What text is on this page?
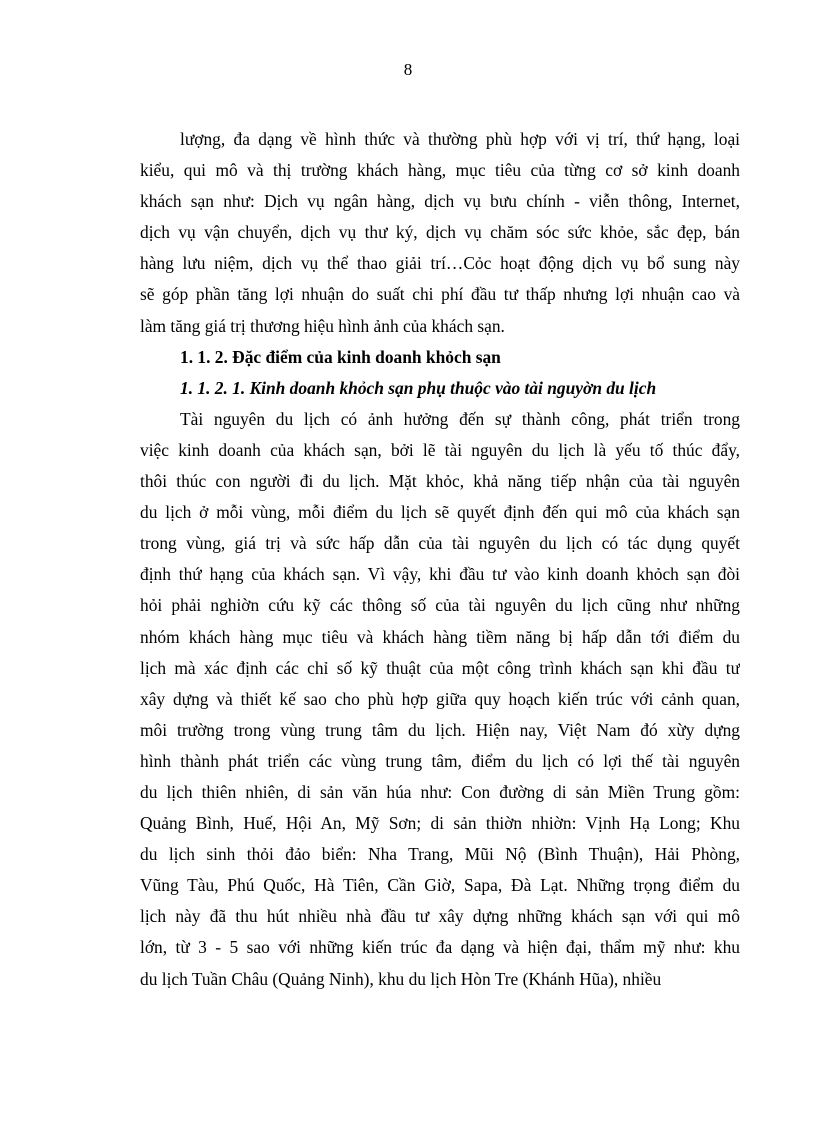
8
lượng, đa dạng về hình thức và thường phù hợp với vị trí, thứ hạng, loại
kiểu, qui mô và thị trường khách hàng, mục tiêu của từng cơ sở kinh doanh
khách sạn như: Dịch vụ ngân hàng, dịch vụ bưu chính - viễn thông, Internet,
dịch vụ vận chuyển, dịch vụ thư ký, dịch vụ chăm sóc sức khỏe, sắc đẹp, bán
hàng lưu niệm, dịch vụ thể thao giải trí…Cỏc hoạt động dịch vụ bổ sung này
sẽ góp phần tăng lợi nhuận do suất chi phí đầu tư thấp nhưng lợi nhuận cao và
làm tăng giá trị thương hiệu hình ảnh của khách sạn.
1. 1. 2. Đặc điểm của kinh doanh khỏch sạn
1. 1. 2. 1. Kinh doanh khỏch sạn phụ thuộc vào tài nguyờn du lịch
Tài nguyên du lịch có ảnh hưởng đến sự thành công, phát triển trong
việc kinh doanh của khách sạn, bởi lẽ tài nguyên du lịch là yếu tố thúc đẩy,
thôi thúc con người đi du lịch. Mặt khỏc, khả năng tiếp nhận của tài nguyên
du lịch ở mỗi vùng, mỗi điểm du lịch sẽ quyết định đến qui mô của khách sạn
trong vùng, giá trị và sức hấp dẫn của tài nguyên du lịch có tác dụng quyết
định thứ hạng của khách sạn. Vì vậy, khi đầu tư vào kinh doanh khỏch sạn đòi
hỏi phải nghiờn cứu kỹ các thông số của tài nguyên du lịch cũng như những
nhóm khách hàng mục tiêu và khách hàng tiềm năng bị hấp dẫn tới điểm du
lịch mà xác định các chỉ số kỹ thuật của một công trình khách sạn khi đầu tư
xây dựng và thiết kế sao cho phù hợp giữa quy hoạch kiến trúc với cảnh quan,
môi trường trong vùng trung tâm du lịch. Hiện nay, Việt Nam đó xừy dựng
hình thành phát triển các vùng trung tâm, điểm du lịch có lợi thế tài nguyên
du lịch thiên nhiên, di sản văn húa như: Con đường di sản Miền Trung gồm:
Quảng Bình, Huế, Hội An, Mỹ Sơn; di sản thiờn nhiờn: Vịnh Hạ Long; Khu
du lịch sinh thỏi đảo biển: Nha Trang, Mũi Nộ (Bình Thuận), Hải Phòng,
Vũng Tàu, Phú Quốc, Hà Tiên, Cần Giờ, Sapa, Đà Lạt. Những trọng điểm du
lịch này đã thu hút nhiều nhà đầu tư xây dựng những khách sạn với qui mô
lớn, từ 3 - 5 sao với những kiến trúc đa dạng và hiện đại, thẩm mỹ như: khu
du lịch Tuần Châu (Quảng Ninh), khu du lịch Hòn Tre (Khánh Hũa), nhiều
